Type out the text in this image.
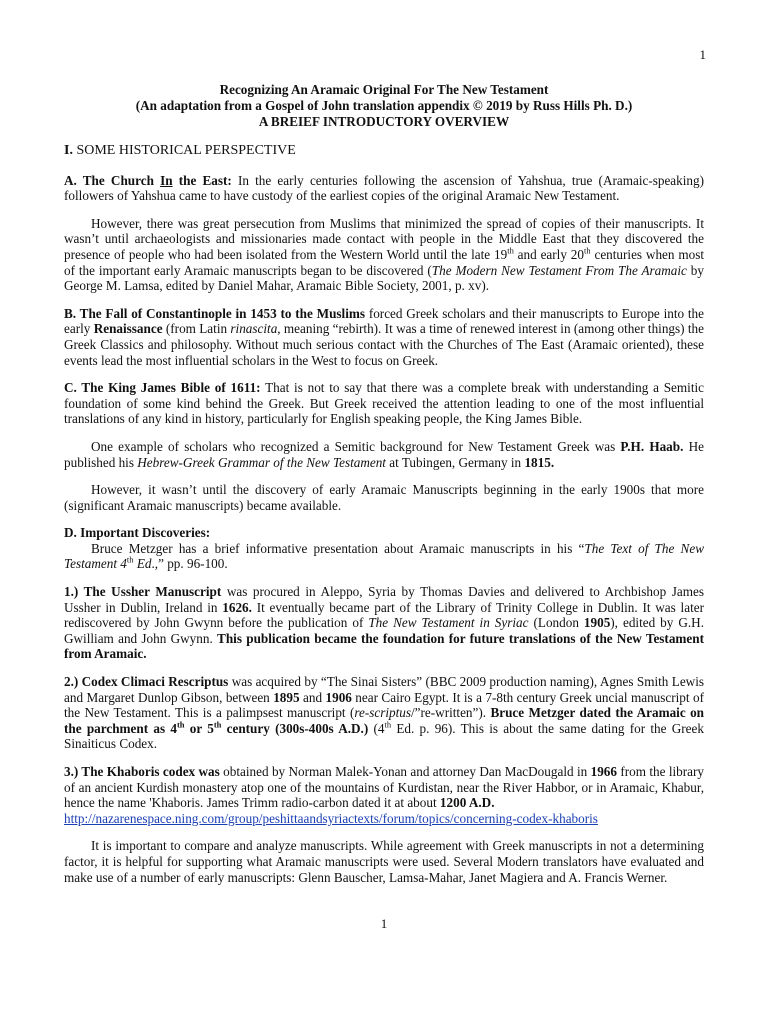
1
Recognizing An Aramaic Original For The New Testament
(An adaptation from a Gospel of John translation appendix © 2019 by Russ Hills Ph. D.)
A BREIEF INTRODUCTORY OVERVIEW
I. SOME HISTORICAL PERSPECTIVE

A. The Church In the East: In the early centuries following the ascension of Yahshua, true (Aramaic-speaking) followers of Yahshua came to have custody of the earliest copies of the original Aramaic New Testament.

However, there was great persecution from Muslims that minimized the spread of copies of their manuscripts. It wasn’t until archaeologists and missionaries made contact with people in the Middle East that they discovered the presence of people who had been isolated from the Western World until the late 19th and early 20th centuries when most of the important early Aramaic manuscripts began to be discovered (The Modern New Testament From The Aramaic by George M. Lamsa, edited by Daniel Mahar, Aramaic Bible Society, 2001, p. xv).

B. The Fall of Constantinople in 1453 to the Muslims forced Greek scholars and their manuscripts to Europe into the early Renaissance (from Latin rinascita, meaning “rebirth). It was a time of renewed interest in (among other things) the Greek Classics and philosophy. Without much serious contact with the Churches of The East (Aramaic oriented), these events lead the most influential scholars in the West to focus on Greek.

C. The King James Bible of 1611: That is not to say that there was a complete break with understanding a Semitic foundation of some kind behind the Greek. But Greek received the attention leading to one of the most influential translations of any kind in history, particularly for English speaking people, the King James Bible.

One example of scholars who recognized a Semitic background for New Testament Greek was P.H. Haab. He published his Hebrew-Greek Grammar of the New Testament at Tubingen, Germany in 1815.

However, it wasn’t until the discovery of early Aramaic Manuscripts beginning in the early 1900s that more (significant Aramaic manuscripts) became available.

D. Important Discoveries:

Bruce Metzger has a brief informative presentation about Aramaic manuscripts in his “The Text of The New Testament 4th Ed.,” pp. 96-100.

1.) The Ussher Manuscript was procured in Aleppo, Syria by Thomas Davies and delivered to Archbishop James Ussher in Dublin, Ireland in 1626. It eventually became part of the Library of Trinity College in Dublin. It was later rediscovered by John Gwynn before the publication of The New Testament in Syriac (London 1905), edited by G.H. Gwilliam and John Gwynn. This publication became the foundation for future translations of the New Testament from Aramaic.

2.) Codex Climaci Rescriptus was acquired by “The Sinai Sisters” (BBC 2009 production naming), Agnes Smith Lewis and Margaret Dunlop Gibson, between 1895 and 1906 near Cairo Egypt. It is a 7-8th century Greek uncial manuscript of the New Testament. This is a palimpsest manuscript (re-scriptus/”re-written”). Bruce Metzger dated the Aramaic on the parchment as 4th or 5th century (300s-400s A.D.) (4th Ed. p. 96). This is about the same dating for the Greek Sinaiticus Codex.

3.) The Khaboris codex was obtained by Norman Malek-Yonan and attorney Dan MacDougald in 1966 from the library of an ancient Kurdish monastery atop one of the mountains of Kurdistan, near the River Habbor, or in Aramaic, Khabur, hence the name 'Khaboris. James Trimm radio-carbon dated it at about 1200 A.D.
http://nazarenespace.ning.com/group/peshittaandsyriactexts/forum/topics/concerning-codex-khaboris

It is important to compare and analyze manuscripts. While agreement with Greek manuscripts in not a determining factor, it is helpful for supporting what Aramaic manuscripts were used. Several Modern translators have evaluated and make use of a number of early manuscripts: Glenn Bauscher, Lamsa-Mahar, Janet Magiera and A. Francis Werner.

1
